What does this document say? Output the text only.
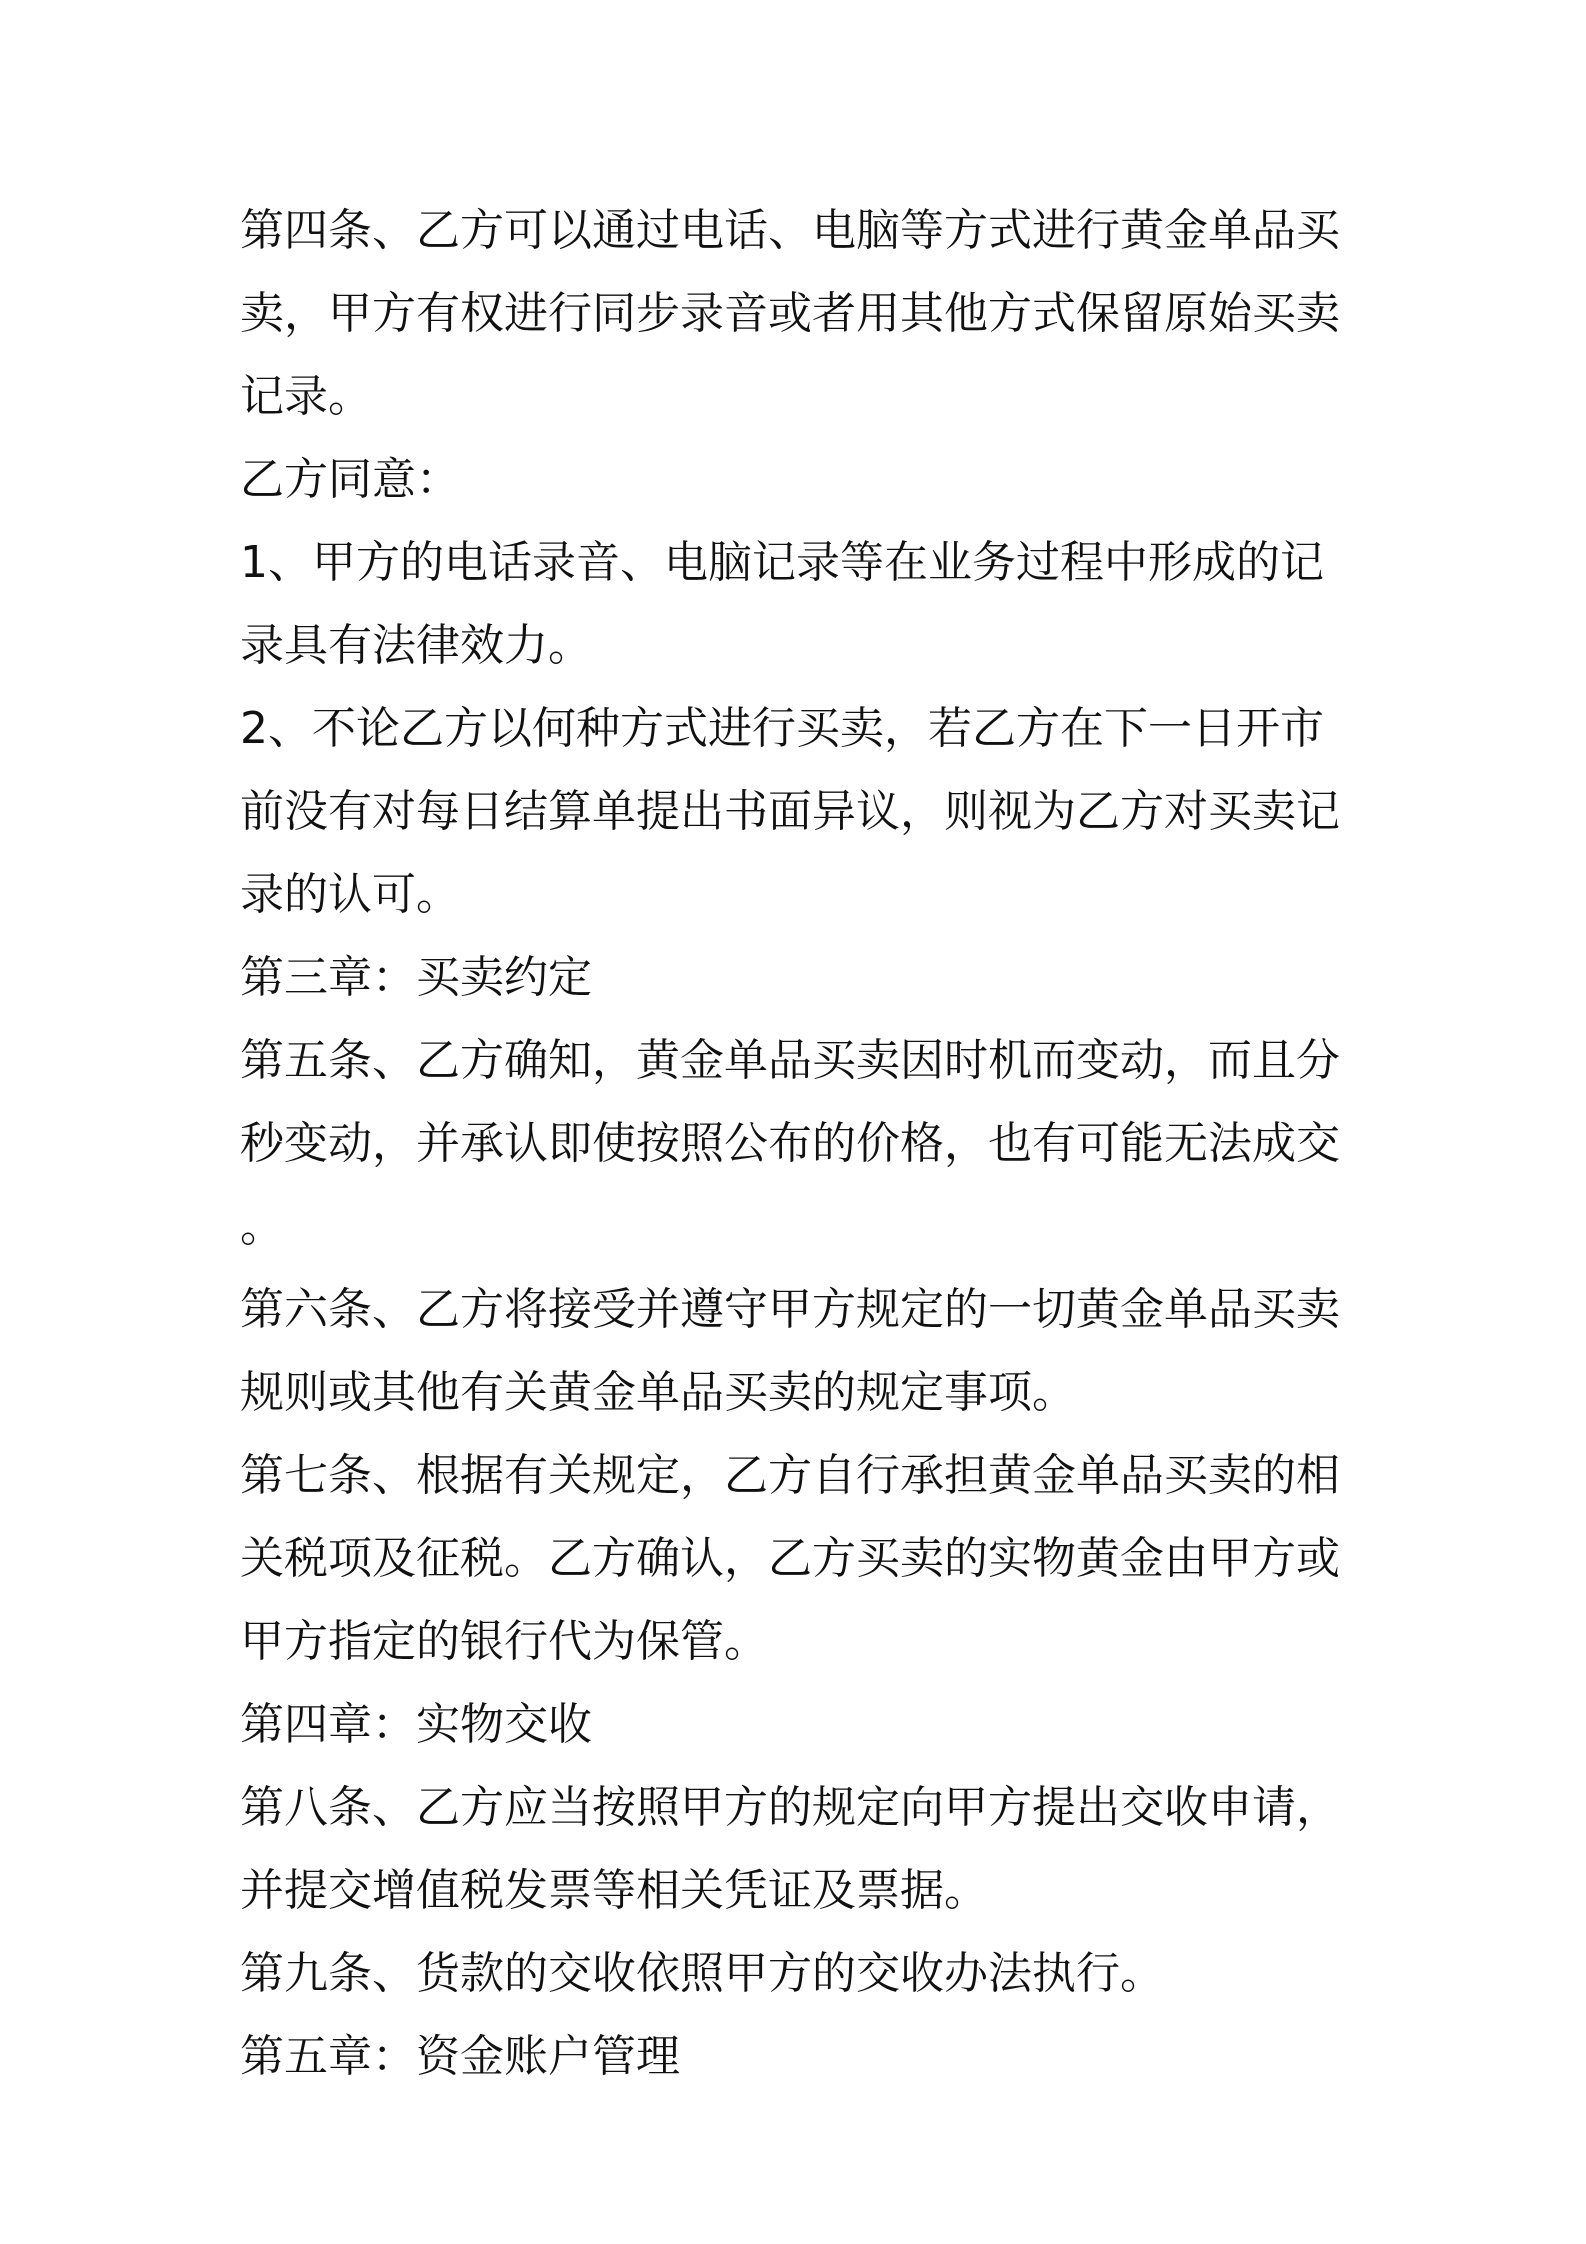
第四条、乙方可以通过电话、电脑等方式进行黄金单品买卖，甲方有权进行同步录音或者用其他方式保留原始买卖记录。

乙方同意：

1、甲方的电话录音、电脑记录等在业务过程中形成的记录具有法律效力。

2、不论乙方以何种方式进行买卖，若乙方在下一日开市前没有对每日结算单提出书面异议，则视为乙方对买卖记录的认可。

第三章：买卖约定

第五条、乙方确知，黄金单品买卖因时机而变动，而且分秒变动，并承认即使按照公布的价格，也有可能无法成交。

第六条、乙方将接受并遵守甲方规定的一切黄金单品买卖规则或其他有关黄金单品买卖的规定事项。

第七条、根据有关规定，乙方自行承担黄金单品买卖的相关税项及征税。乙方确认，乙方买卖的实物黄金由甲方或甲方指定的银行代为保管。

第四章：实物交收

第八条、乙方应当按照甲方的规定向甲方提出交收申请，并提交增值税发票等相关凭证及票据。

第九条、货款的交收依照甲方的交收办法执行。

第五章：资金账户管理
